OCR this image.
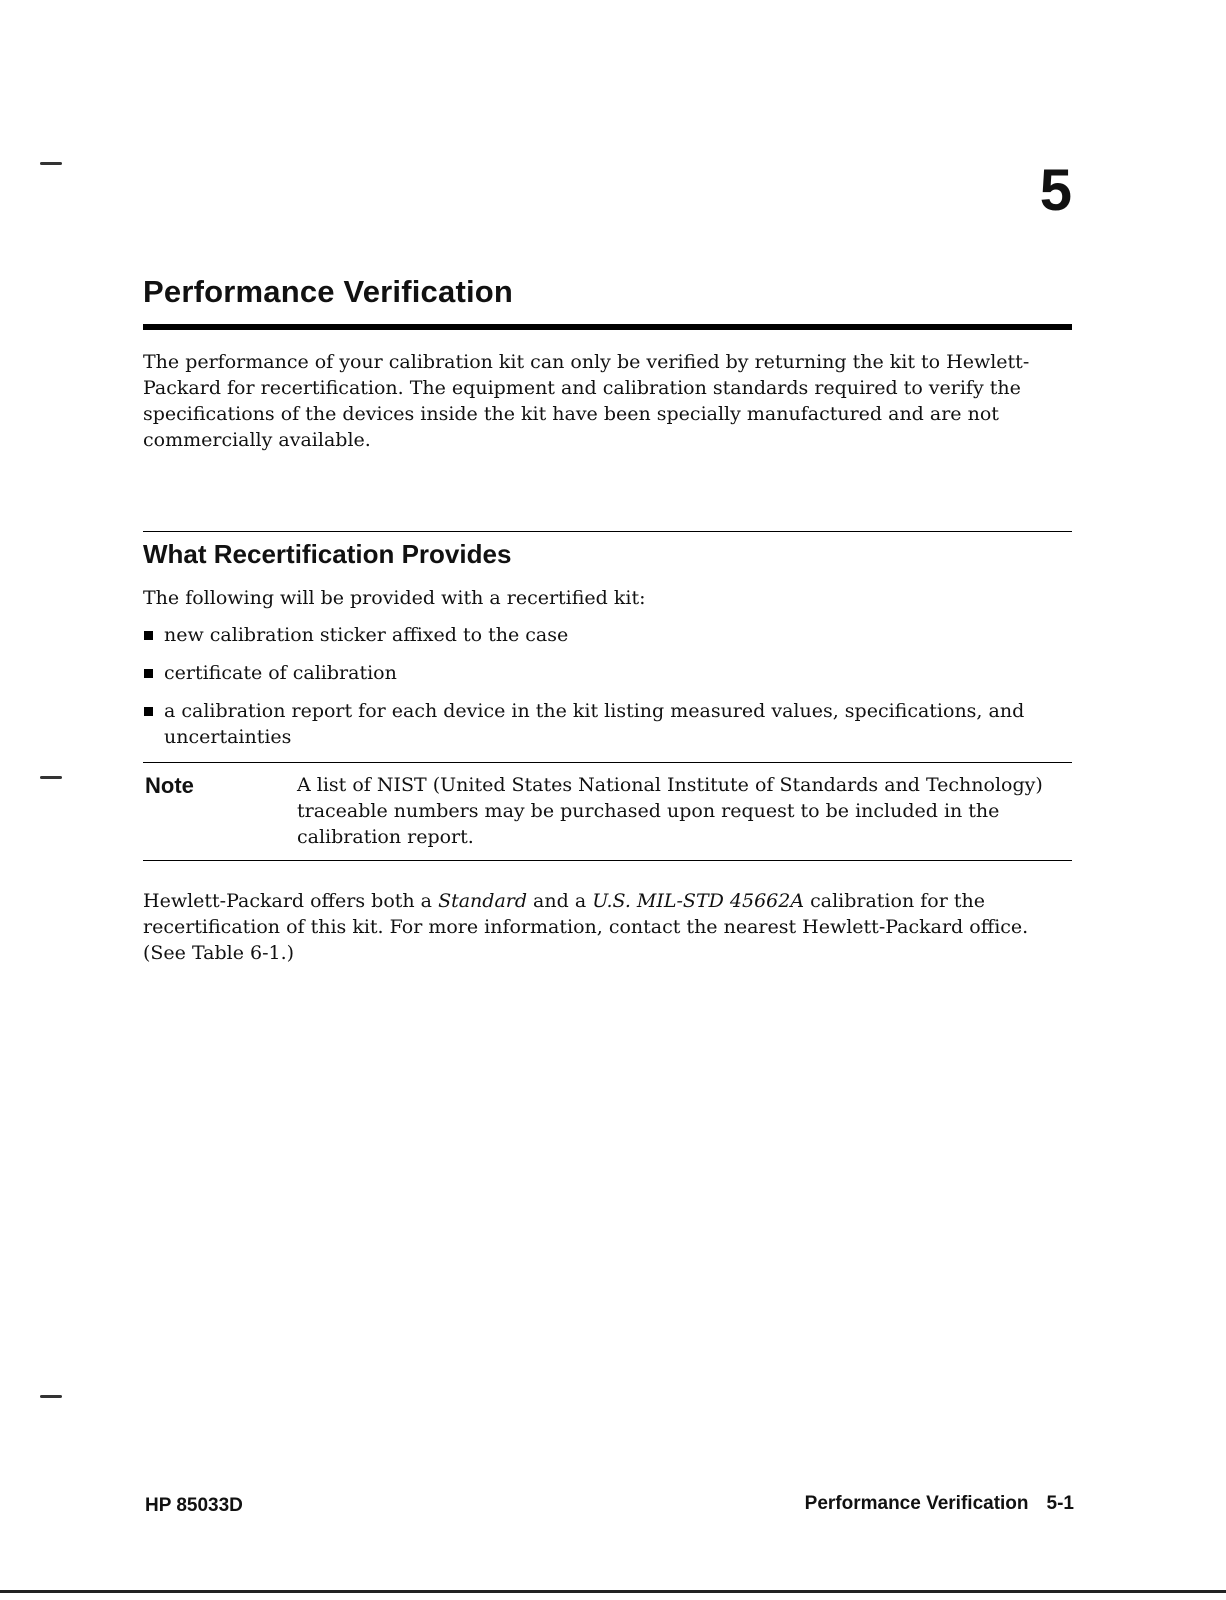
5
Performance Verification

The performance of your calibration kit can only be verified by returning the kit to Hewlett-Packard for recertification. The equipment and calibration standards required to verify the specifications of the devices inside the kit have been specially manufactured and are not commercially available.

What Recertification Provides

The following will be provided with a recertified kit:

new calibration sticker affixed to the case
certificate of calibration
a calibration report for each device in the kit listing measured values, specifications, and uncertainties
Note	A list of NIST (United States National Institute of Standards and Technology) traceable numbers may be purchased upon request to be included in the calibration report.

Hewlett-Packard offers both a Standard and a U.S. MIL-STD 45662A calibration for the recertification of this kit. For more information, contact the nearest Hewlett-Packard office. (See Table 6-1.)

HP 85033D	Performance Verification 5-1
